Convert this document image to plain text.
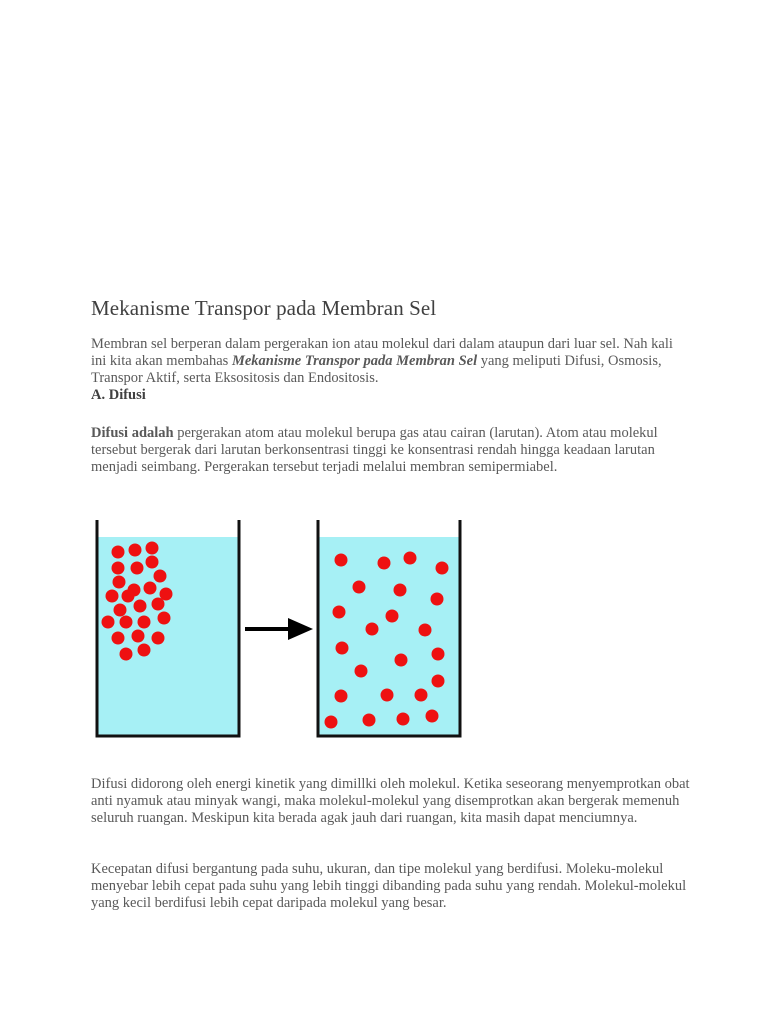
Mekanisme Transpor pada Membran Sel

Membran sel berperan dalam pergerakan ion atau molekul dari dalam ataupun dari luar sel. Nah kali ini kita akan membahas Mekanisme Transpor pada Membran Sel yang meliputi Difusi, Osmosis, Transpor Aktif, serta Eksositosis dan Endositosis.
A. Difusi

Difusi adalah pergerakan atom atau molekul berupa gas atau cairan (larutan). Atom atau molekul tersebut bergerak dari larutan berkonsentrasi tinggi ke konsentrasi rendah hingga keadaan larutan menjadi seimbang. Pergerakan tersebut terjadi melalui membran semipermiabel.

Difusi didorong oleh energi kinetik yang dimillki oleh molekul. Ketika seseorang menyemprotkan obat anti nyamuk atau minyak wangi, maka molekul-molekul yang disemprotkan akan bergerak memenuh seluruh ruangan. Meskipun kita berada agak jauh dari ruangan, kita masih dapat menciumnya.

Kecepatan difusi bergantung pada suhu, ukuran, dan tipe molekul yang berdifusi. Moleku-molekul menyebar lebih cepat pada suhu yang lebih tinggi dibanding pada suhu yang rendah. Molekul-molekul yang kecil berdifusi lebih cepat daripada molekul yang besar.
